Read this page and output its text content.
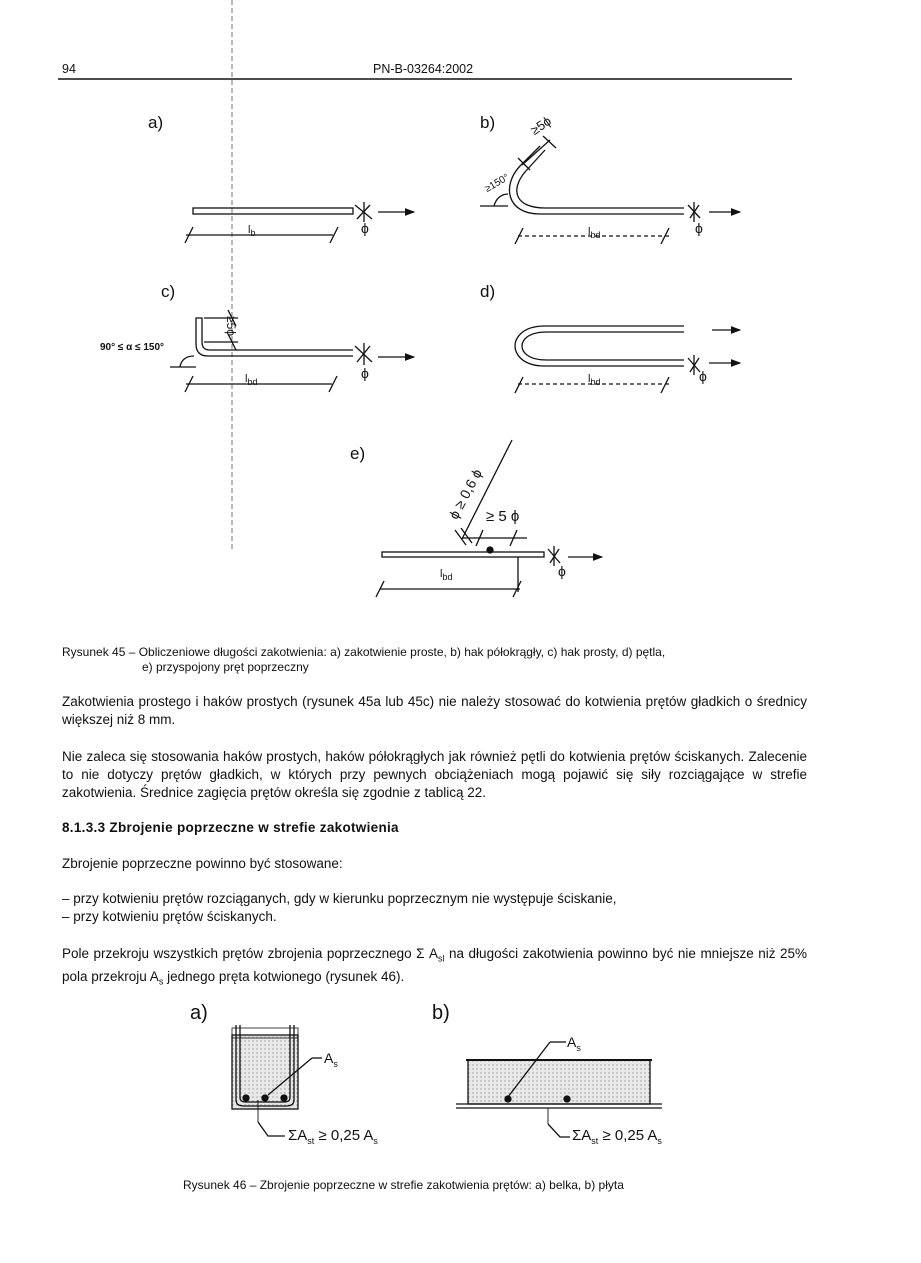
94	PN-B-03264:2002
a)	b)
c)	d)
e)
$l_b$	ϕ	$l_{bd}$	ϕ
≥150°
≥5ϕ
$l_{bd}$
ϕ
90° ≤ α ≤ 150°
≥5ϕ
$l_{bd}$	ϕ
ϕ ≥ 0,6 ϕ ≥ 5 ϕ
$l_{bd}$	ϕ
Rysunek 45 – Obliczeniowe długości zakotwienia: a) zakotwienie proste, b) hak półokrągły, c) hak prosty, d) pętla,
e) przyspojony pręt poprzeczny
Zakotwienia prostego i haków prostych (rysunek 45a lub 45c) nie należy stosować do kotwienia prętów gładkich o średnicy większej niż 8 mm.
Nie zaleca się stosowania haków prostych, haków półokrągłych jak również pętli do kotwienia prętów ściskanych. Zalecenie to nie dotyczy prętów gładkich, w których przy pewnych obciążeniach mogą pojawić się siły rozciągające w strefie zakotwienia. Średnice zagięcia prętów określa się zgodnie z tablicą 22.
8.1.3.3 Zbrojenie poprzeczne w strefie zakotwienia
Zbrojenie poprzeczne powinno być stosowane:
– przy kotwieniu prętów rozciąganych, gdy w kierunku poprzecznym nie występuje ściskanie,
– przy kotwieniu prętów ściskanych.
Pole przekroju wszystkich prętów zbrojenia poprzecznego Σ $A_{sl}$ na długości zakotwienia powinno być nie mniejsze niż 25% pola przekroju $A_s$ jednego pręta kotwionego (rysunek 46).
a)	b)
$A_s$
$A_s$
$\Sigma A_{st} \ge 0,25$ $A_s$	$\Sigma A_{st} \ge 0,25$ $A_s$
Rysunek 46 – Zbrojenie poprzeczne w strefie zakotwienia prętów: a) belka, b) płyta
